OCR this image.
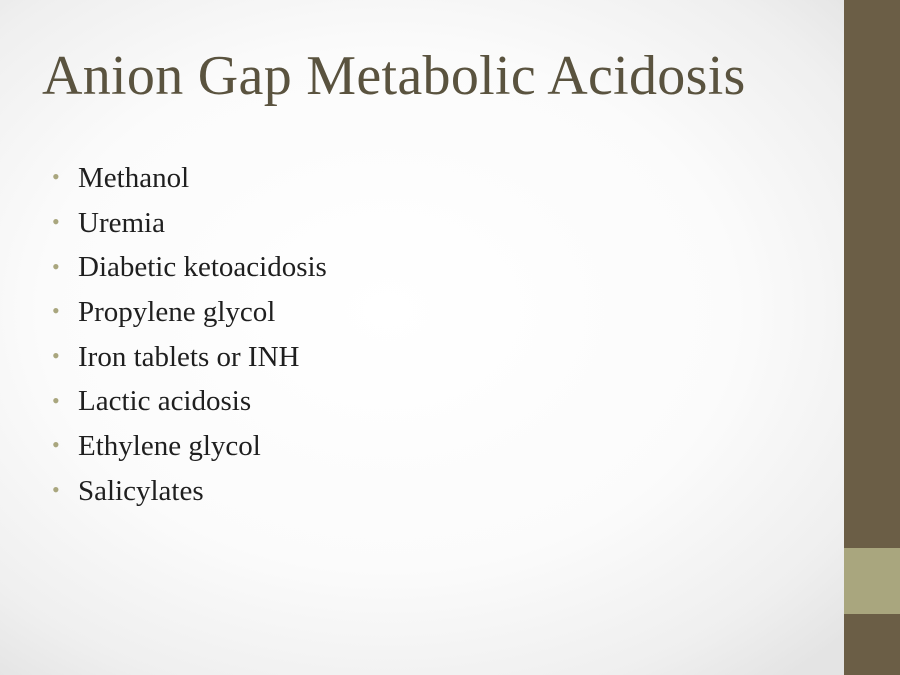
Anion Gap Metabolic Acidosis
• Methanol
• Uremia
• Diabetic ketoacidosis
• Propylene glycol
• Iron tablets or INH
• Lactic acidosis
• Ethylene glycol
• Salicylates
